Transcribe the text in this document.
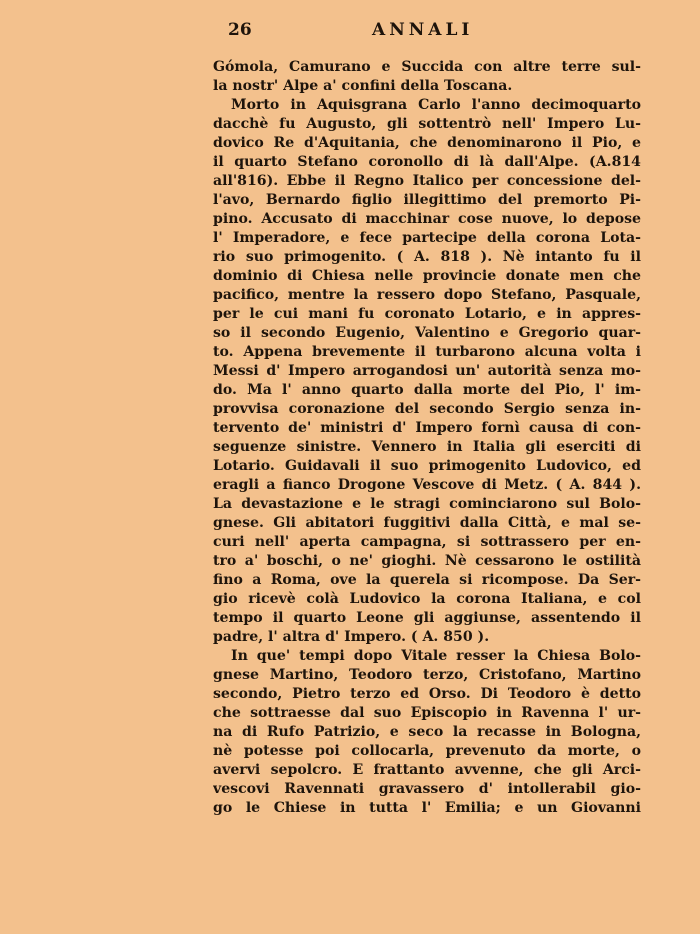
26	ANNALI
Gómola, Camurano e Succida con altre terre sul-
la nostr' Alpe a' confini della Toscana.
Morto in Aquisgrana Carlo l'anno decimoquarto
dacchè fu Augusto, gli sottentrò nell' Impero Lu-
dovico Re d'Aquitania, che denominarono il Pio, e
il quarto Stefano coronollo di là dall'Alpe. (A.814
all'816). Ebbe il Regno Italico per concessione del-
l'avo, Bernardo figlio illegittimo del premorto Pi-
pino. Accusato di macchinar cose nuove, lo depose
l' Imperadore, e fece partecipe della corona Lota-
rio suo primogenito. ( A. 818 ). Nè intanto fu il
dominio di Chiesa nelle provincie donate men che
pacifico, mentre la ressero dopo Stefano, Pasquale,
per le cui mani fu coronato Lotario, e in appres-
so il secondo Eugenio, Valentino e Gregorio quar-
to. Appena brevemente il turbarono alcuna volta i
Messi d' Impero arrogandosi un' autorità senza mo-
do. Ma l' anno quarto dalla morte del Pio, l' im-
provvisa coronazione del secondo Sergio senza in-
tervento de' ministri d' Impero fornì causa di con-
seguenze sinistre. Vennero in Italia gli eserciti di
Lotario. Guidavali il suo primogenito Ludovico, ed
eragli a fianco Drogone Vescove di Metz. ( A. 844 ).
La devastazione e le stragi cominciarono sul Bolo-
gnese. Gli abitatori fuggitivi dalla Città, e mal se-
curi nell' aperta campagna, si sottrassero per en-
tro a' boschi, o ne' gioghi. Nè cessarono le ostilità
fino a Roma, ove la querela si ricompose. Da Ser-
gio ricevè colà Ludovico la corona Italiana, e col
tempo il quarto Leone gli aggiunse, assentendo il
padre, l' altra d' Impero. ( A. 850 ).
In que' tempi dopo Vitale resser la Chiesa Bolo-
gnese Martino, Teodoro terzo, Cristofano, Martino
secondo, Pietro terzo ed Orso. Di Teodoro è detto
che sottraesse dal suo Episcopio in Ravenna l' ur-
na di Rufo Patrizio, e seco la recasse in Bologna,
nè potesse poi collocarla, prevenuto da morte, o
avervi sepolcro. E frattanto avvenne, che gli Arci-
vescovi Ravennati gravassero d' intollerabil gio-
go le Chiese in tutta l' Emilia; e un Giovanni
